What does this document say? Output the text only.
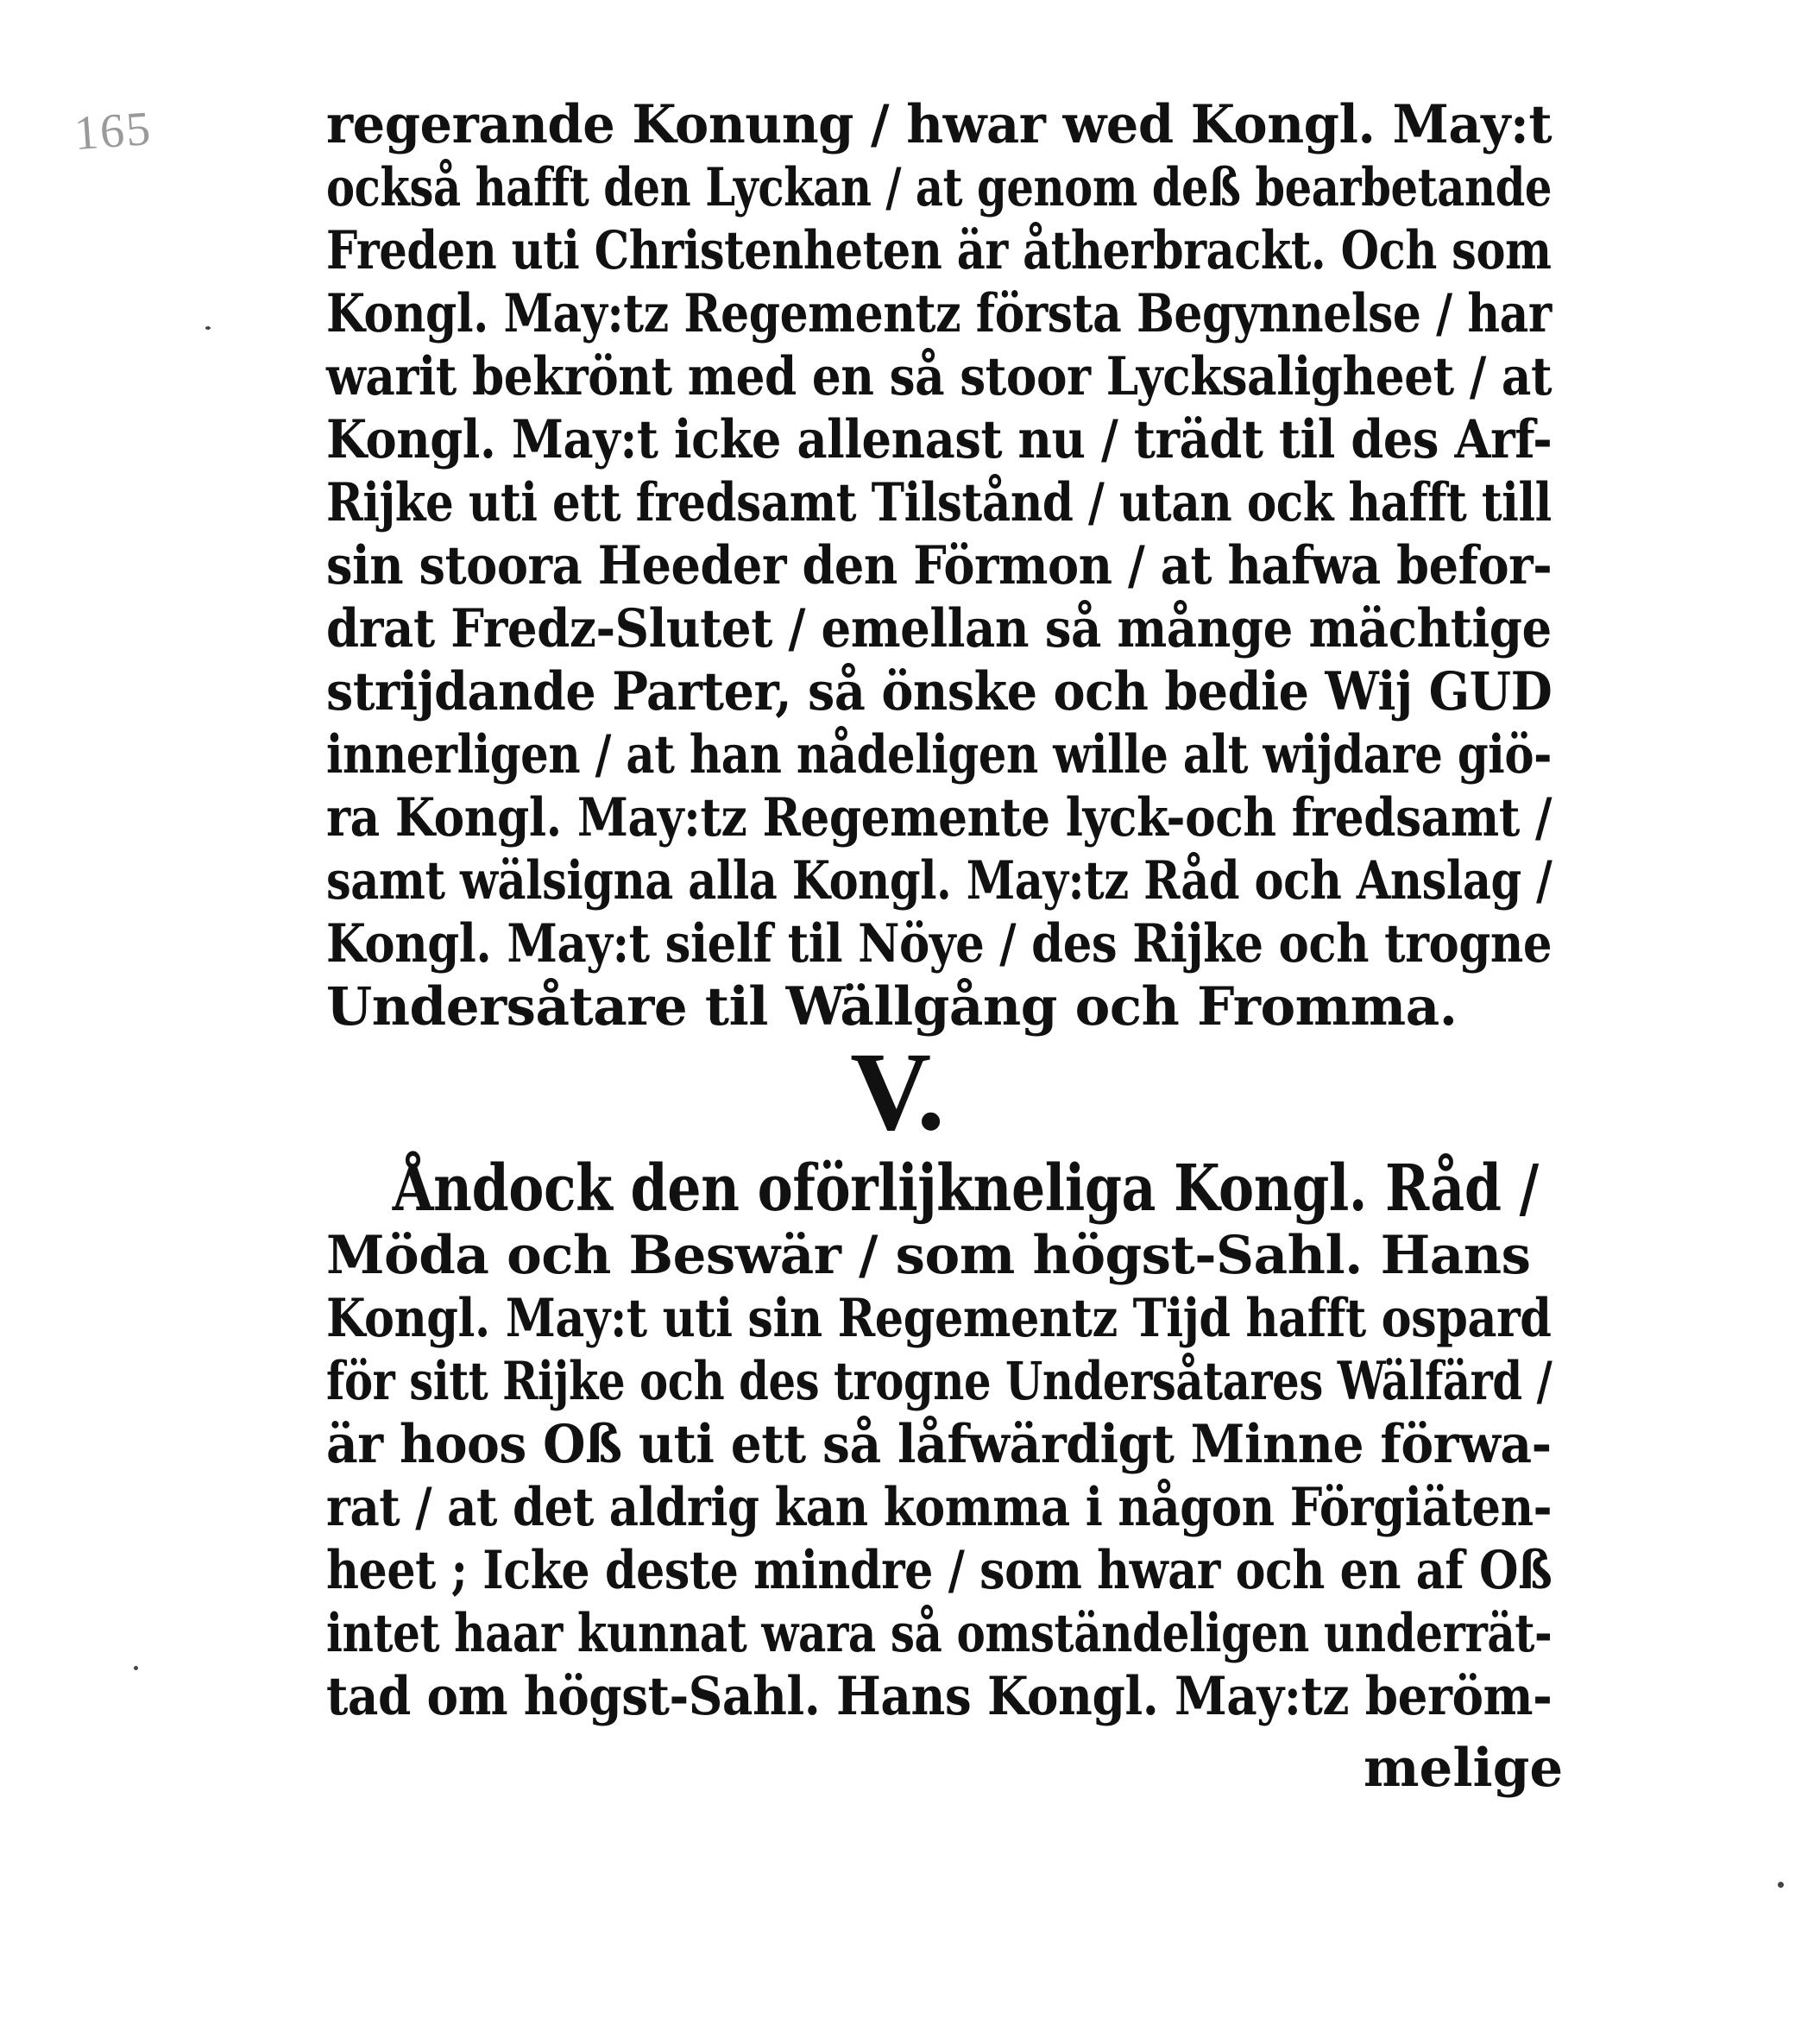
165	regerande Konung / hwar wed Kongl. May:t
också hafft den Lyckan / at genom deß bearbetande
Freden uti Christenheten är åtherbrackt. Och som
Kongl. May:tz Regementz första Begynnelse / har
warit bekrönt med en så stoor Lycksaligheet / at
Kongl. May:t icke allenast nu / trädt til des Arf-
Rijke uti ett fredsamt Tilstånd / utan ock hafft till
sin stoora Heeder den Förmon / at hafwa befor-
drat Fredz-Slutet / emellan så månge mächtige
strijdande Parter, så önske och bedie Wij GUD
innerligen / at han nådeligen wille alt wijdare giö-
ra Kongl. May:tz Regemente lyck-och fredsamt /
samt wälsigna alla Kongl. May:tz Råd och Anslag /
Kongl. May:t sielf til Nöye / des Rijke och trogne
Undersåtare til Wällgång och Fromma.
V.
Åndock den oförlijkneliga Kongl. Råd /
Möda och Beswär / som högst-Sahl. Hans
Kongl. May:t uti sin Regementz Tijd hafft ospard
för sitt Rijke och des trogne Undersåtares Wälfärd /
är hoos Oß uti ett så låfwärdigt Minne förwa-
rat / at det aldrig kan komma i någon Förgiäten-
heet ; Icke deste mindre / som hwar och en af Oß
intet haar kunnat wara så omständeligen underrät-
tad om högst-Sahl. Hans Kongl. May:tz beröm-
melige
